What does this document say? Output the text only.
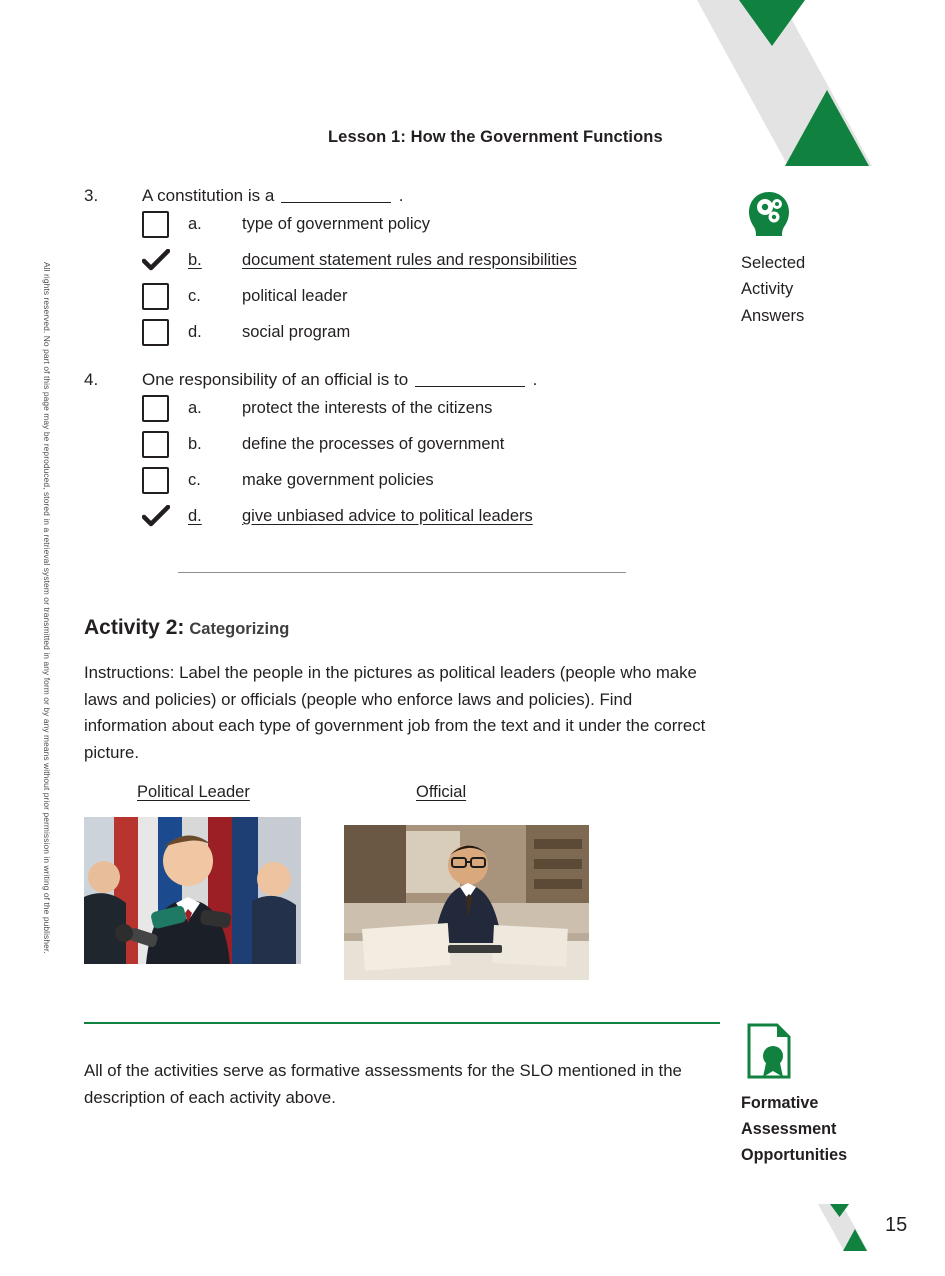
Lesson 1: How the Government Functions
All rights reserved. No part of this page may be reproduced, stored in a retrieval system or transmitted in any form or by any means without prior permission in writing of the publisher.
3.	A constitution is a	.
a.	type of government policy
b.	document statement rules and responsibilities
c.	political leader
d.	social program
4.	One responsibility of an official is to	.
a.	protect the interests of the citizens
b.	define the processes of government
c.	make government policies
d.	give unbiased advice to political leaders
Selected
Activity
Answers
Activity 2: Categorizing
Instructions: Label the people in the pictures as political leaders (people who make laws and policies) or officials (people who enforce laws and policies). Find information about each type of government job from the text and it under the correct picture.
Political Leader	Official
All of the activities serve as formative assessments for the SLO mentioned in the description of each activity above.	Formative
Assessment
Opportunities
15
